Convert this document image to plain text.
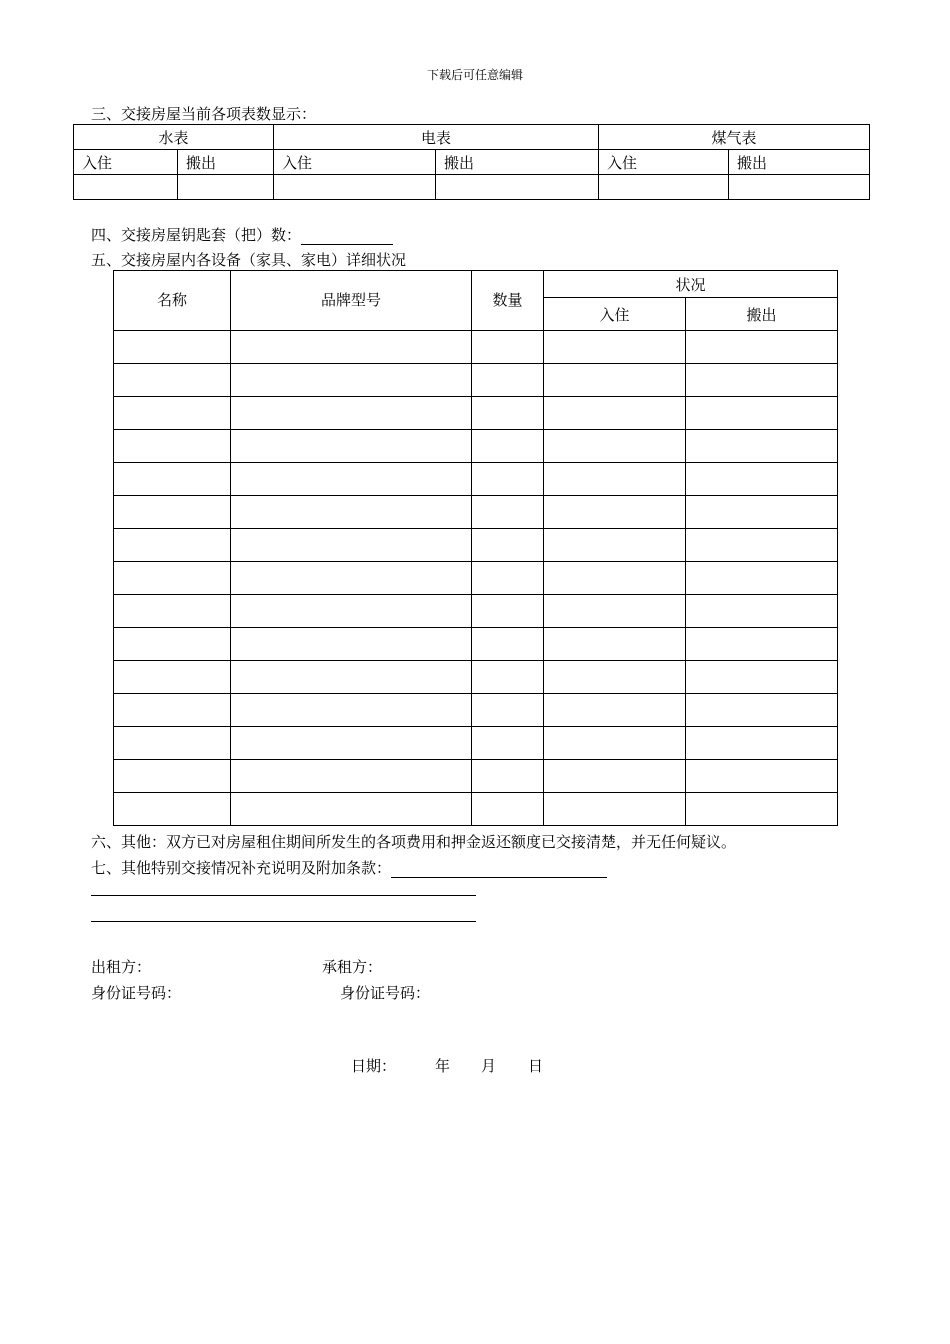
下载后可任意编辑
三、交接房屋当前各项表数显示：
水表		电表		煤气表	
入住	搬出	入住	搬出	入住	搬出

四、交接房屋钥匙套（把）数：
五、交接房屋内各设备（家具、家电）详细状况
名称	品牌型号	数量	状况	
			入住	搬出

六、其他：双方已对房屋租住期间所发生的各项费用和押金返还额度已交接清楚，并无任何疑议。
七、其他特别交接情况补充说明及附加条款：
出租方：	承租方：
身份证号码：	身份证号码：
日期：	年 月 日
